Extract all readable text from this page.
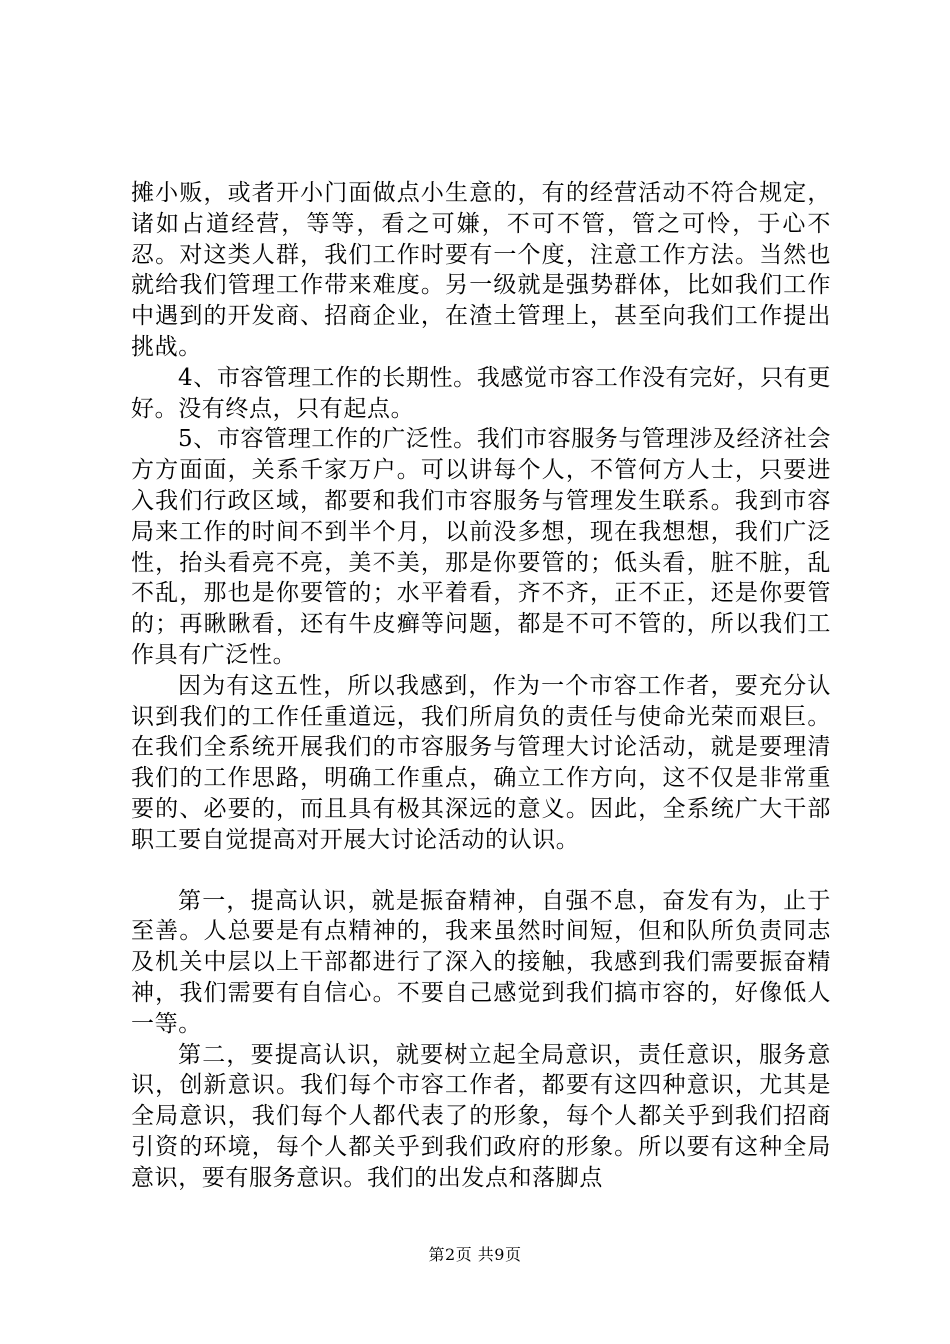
摊小贩，或者开小门面做点小生意的，有的经营活动不符合规定，诸如占道经营，等等，看之可嫌，不可不管，管之可怜，于心不忍。对这类人群，我们工作时要有一个度，注意工作方法。当然也就给我们管理工作带来难度。另一级就是强势群体，比如我们工作中遇到的开发商、招商企业，在渣土管理上，甚至向我们工作提出挑战。

4、市容管理工作的长期性。我感觉市容工作没有完好，只有更好。没有终点，只有起点。

5、市容管理工作的广泛性。我们市容服务与管理涉及经济社会方方面面，关系千家万户。可以讲每个人，不管何方人士，只要进入我们行政区域，都要和我们市容服务与管理发生联系。我到市容局来工作的时间不到半个月，以前没多想，现在我想想，我们广泛性，抬头看亮不亮，美不美，那是你要管的；低头看，脏不脏，乱不乱，那也是你要管的；水平着看，齐不齐，正不正，还是你要管的；再瞅瞅看，还有牛皮癣等问题，都是不可不管的，所以我们工作具有广泛性。

因为有这五性，所以我感到，作为一个市容工作者，要充分认识到我们的工作任重道远，我们所肩负的责任与使命光荣而艰巨。在我们全系统开展我们的市容服务与管理大讨论活动，就是要理清我们的工作思路，明确工作重点，确立工作方向，这不仅是非常重要的、必要的，而且具有极其深远的意义。因此，全系统广大干部职工要自觉提高对开展大讨论活动的认识。

第一，提高认识，就是振奋精神，自强不息，奋发有为，止于至善。人总要是有点精神的，我来虽然时间短，但和队所负责同志及机关中层以上干部都进行了深入的接触，我感到我们需要振奋精神，我们需要有自信心。不要自己感觉到我们搞市容的，好像低人一等。

第二，要提高认识，就要树立起全局意识，责任意识，服务意识，创新意识。我们每个市容工作者，都要有这四种意识，尤其是全局意识，我们每个人都代表了的形象，每个人都关乎到我们招商引资的环境，每个人都关乎到我们政府的形象。所以要有这种全局意识，要有服务意识。我们的出发点和落脚点

第2页 共9页
